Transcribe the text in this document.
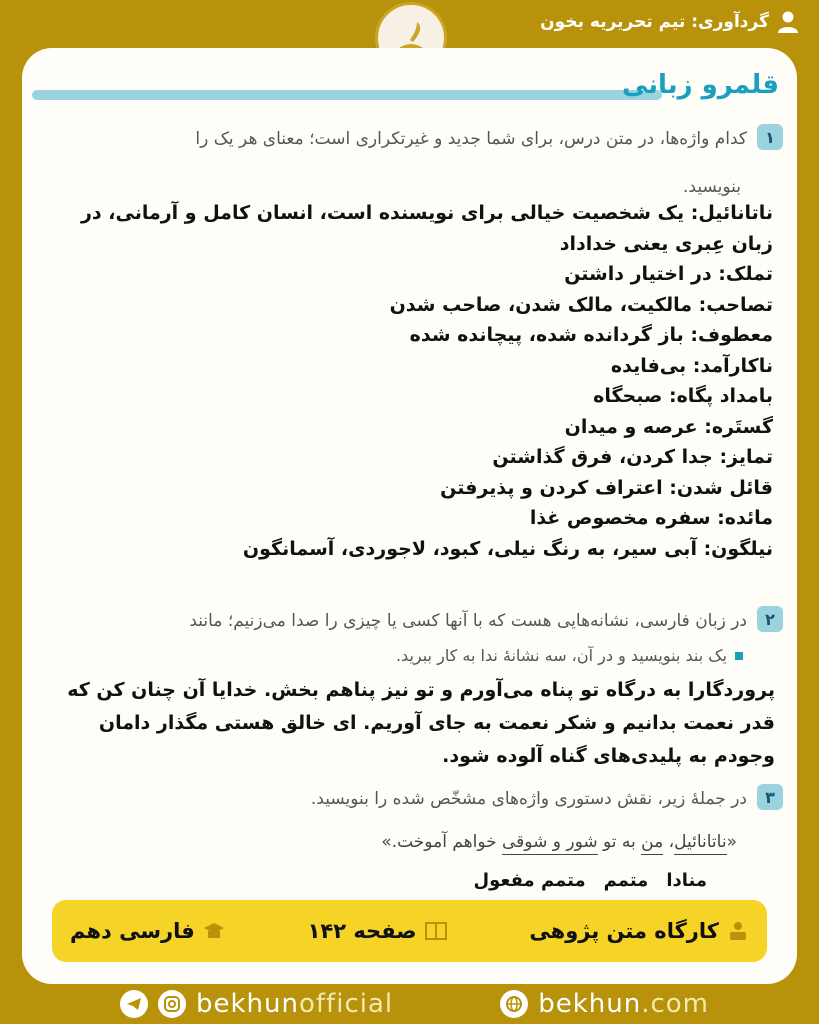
گردآوری: تیم تحریریه بخون
قلمرو زبانی
۱
کدام واژه‌ها، در متن درس، برای شما جدید و غیرتکراری است؛ معنای هر یک را
بنویسید.
ناتانائیل: یک شخصیت خیالی برای نویسنده است، انسان کامل و آرمانی، در
زبان عِبری یعنی خداداد
تملک: در اختیار داشتن
تصاحب: مالکیت، مالک شدن، صاحب شدن
معطوف: باز گردانده شده، پیچانده شده
ناکارآمد: بی‌فایده
بامداد پگاه: صبحگاه
گستَره: عرصه و میدان
تمایز: جدا کردن، فرق گذاشتن
قائل شدن: اعتراف کردن و پذیرفتن
مائده: سفره مخصوص غذا
نیلگون: آبی سیر، به رنگ نیلی، کبود، لاجوردی، آسمانگون
۲
در زبان فارسی، نشانه‌هایی هست که با آنها کسی یا چیزی را صدا می‌زنیم؛ مانند
یک بند بنویسید و در آن، سه نشانهٔ ندا به کار ببرید.
پروردگارا به درگاه تو پناه می‌آورم و تو نیز پناهم بخش. خدایا آن چنان کن که قدر نعمت بدانیم و شکر نعمت به جای آوریم. ای خالق هستی مگذار دامان وجودم به پلیدی‌های گناه آلوده شود.
۳
در جملهٔ زیر، نقش دستوری واژه‌های مشخّص شده را بنویسید.
«ناتانائیل، من به تو شور و شوقی خواهم آموخت.»
منادا
متمم
متمم مفعول
کارگاه متن پژوهی
صفحه ۱۴۲
فارسی دهم
bekhunofficial	bekhun.com
